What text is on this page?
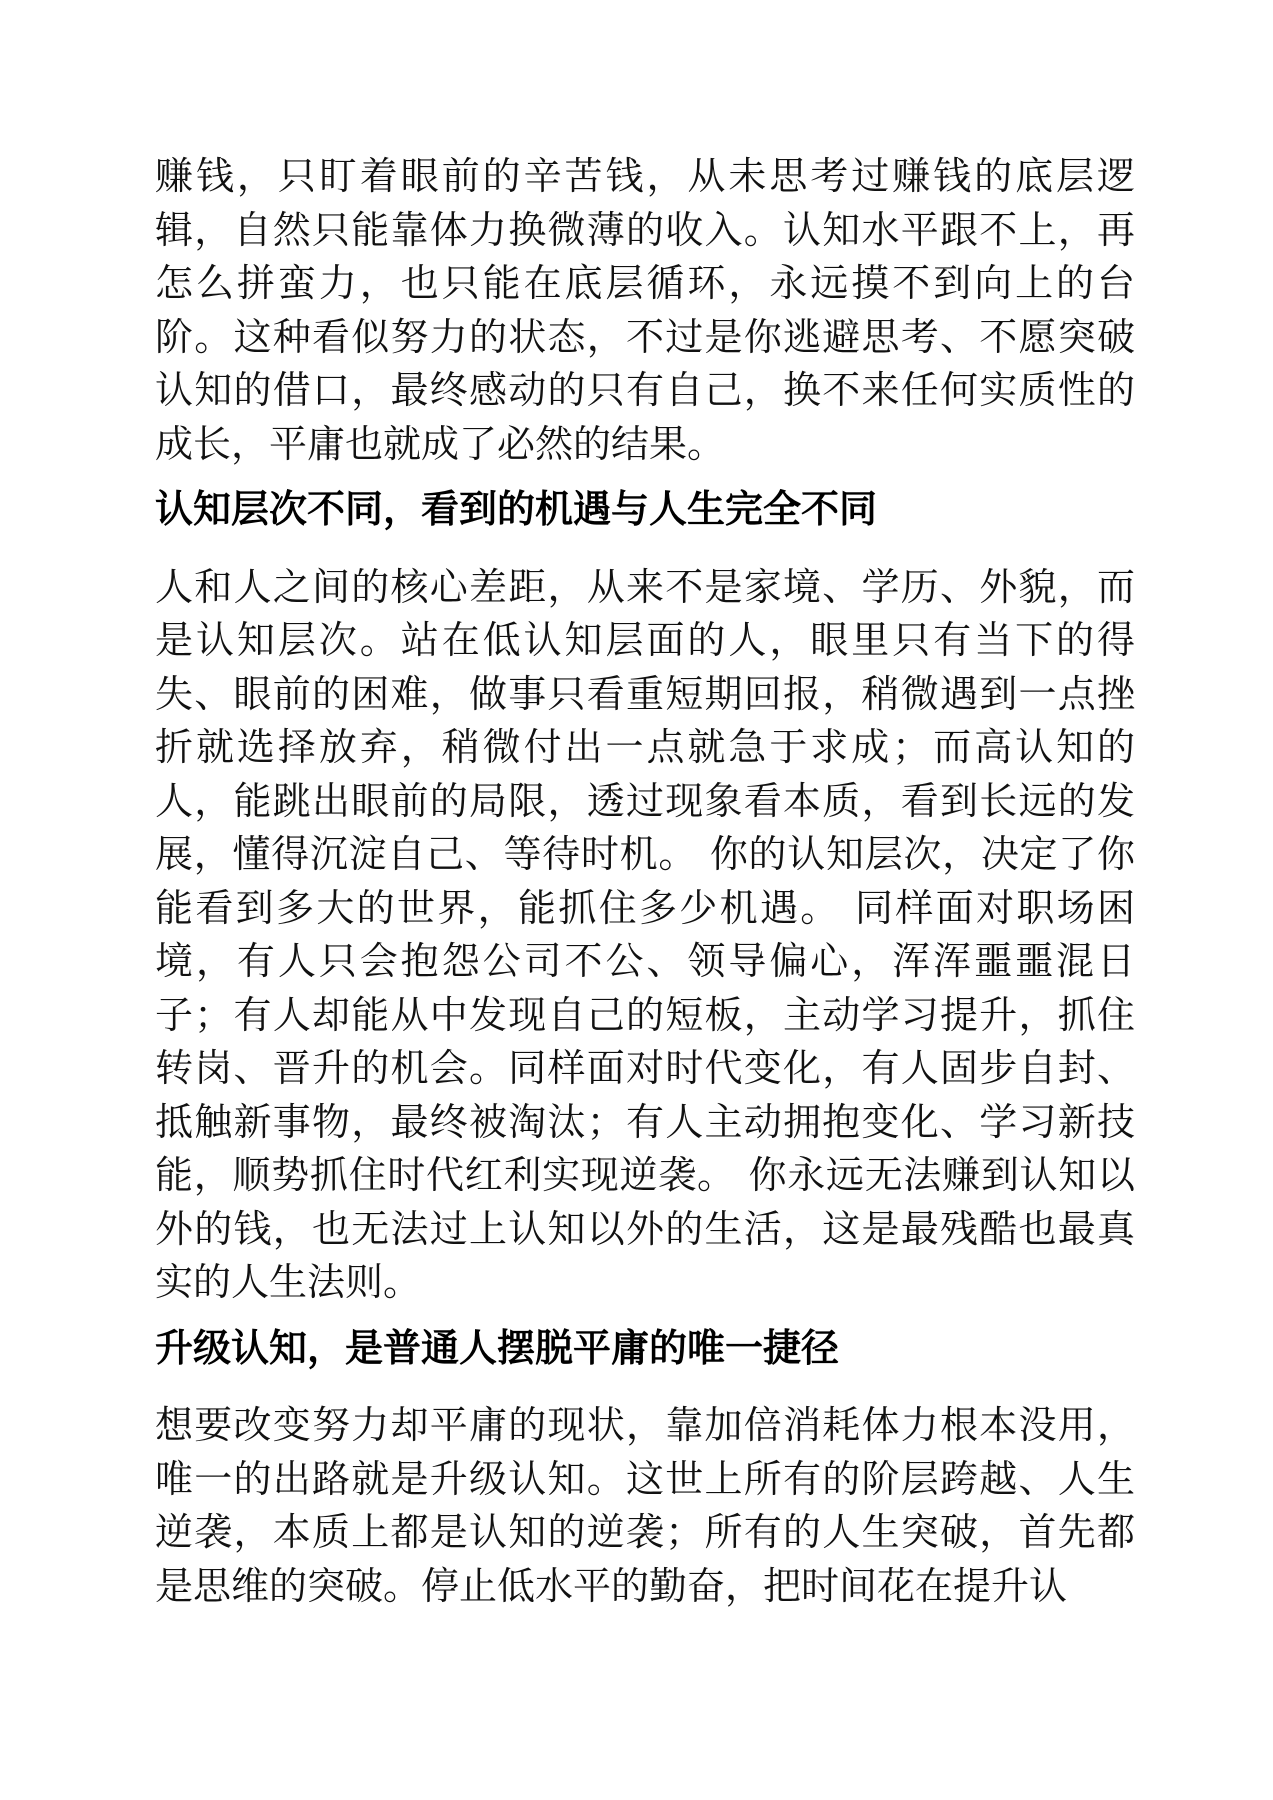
赚钱，只盯着眼前的辛苦钱，从未思考过赚钱的底层逻辑，自然只能靠体力换微薄的收入。认知水平跟不上，再怎么拼蛮力，也只能在底层循环，永远摸不到向上的台阶。这种看似努力的状态，不过是你逃避思考、不愿突破认知的借口，最终感动的只有自己，换不来任何实质性的成长，平庸也就成了必然的结果。

认知层次不同，看到的机遇与人生完全不同

人和人之间的核心差距，从来不是家境、学历、外貌，而是认知层次。站在低认知层面的人，眼里只有当下的得失、眼前的困难，做事只看重短期回报，稍微遇到一点挫折就选择放弃，稍微付出一点就急于求成；而高认知的人，能跳出眼前的局限，透过现象看本质，看到长远的发展，懂得沉淀自己、等待时机。 你的认知层次，决定了你能看到多大的世界，能抓住多少机遇。 同样面对职场困境，有人只会抱怨公司不公、领导偏心，浑浑噩噩混日子；有人却能从中发现自己的短板，主动学习提升，抓住转岗、晋升的机会。同样面对时代变化，有人固步自封、抵触新事物，最终被淘汰；有人主动拥抱变化、学习新技能，顺势抓住时代红利实现逆袭。 你永远无法赚到认知以外的钱，也无法过上认知以外的生活，这是最残酷也最真实的人生法则。

升级认知，是普通人摆脱平庸的唯一捷径

想要改变努力却平庸的现状，靠加倍消耗体力根本没用，唯一的出路就是升级认知。这世上所有的阶层跨越、人生逆袭，本质上都是认知的逆袭；所有的人生突破，首先都是思维的突破。停止低水平的勤奋，把时间花在提升认
